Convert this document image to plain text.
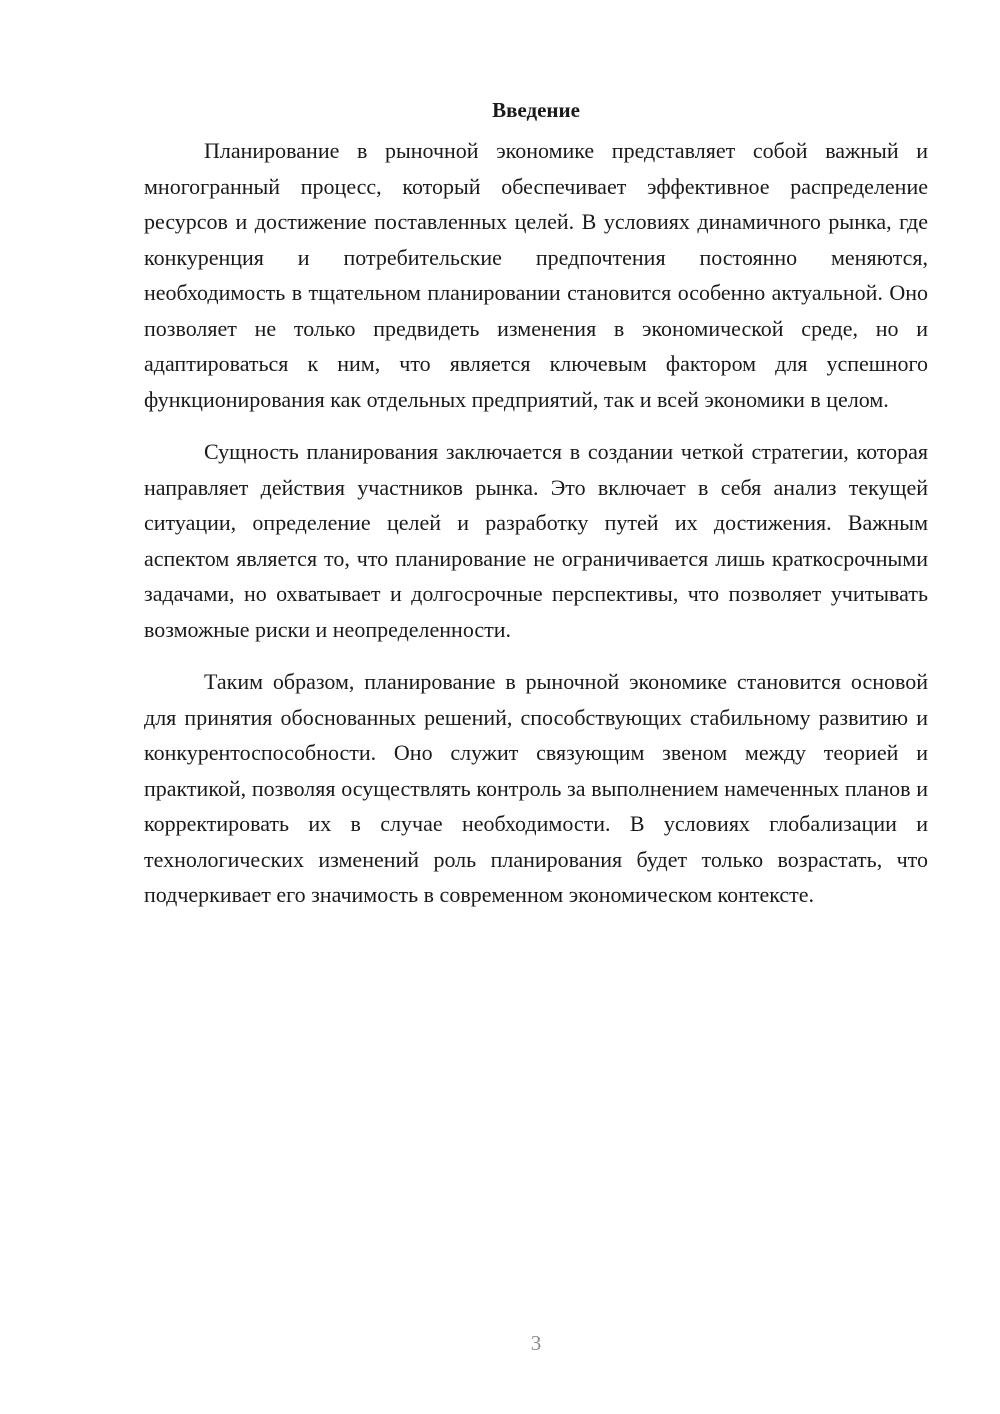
Введение

Планирование в рыночной экономике представляет собой важный и многогранный процесс, который обеспечивает эффективное распределение ресурсов и достижение поставленных целей. В условиях динамичного рынка, где конкуренция и потребительские предпочтения постоянно меняются, необходимость в тщательном планировании становится особенно актуальной. Оно позволяет не только предвидеть изменения в экономической среде, но и адаптироваться к ним, что является ключевым фактором для успешного функционирования как отдельных предприятий, так и всей экономики в целом.

Сущность планирования заключается в создании четкой стратегии, которая направляет действия участников рынка. Это включает в себя анализ текущей ситуации, определение целей и разработку путей их достижения. Важным аспектом является то, что планирование не ограничивается лишь краткосрочными задачами, но охватывает и долгосрочные перспективы, что позволяет учитывать возможные риски и неопределенности.

Таким образом, планирование в рыночной экономике становится основой для принятия обоснованных решений, способствующих стабильному развитию и конкурентоспособности. Оно служит связующим звеном между теорией и практикой, позволяя осуществлять контроль за выполнением намеченных планов и корректировать их в случае необходимости. В условиях глобализации и технологических изменений роль планирования будет только возрастать, что подчеркивает его значимость в современном экономическом контексте.

3
